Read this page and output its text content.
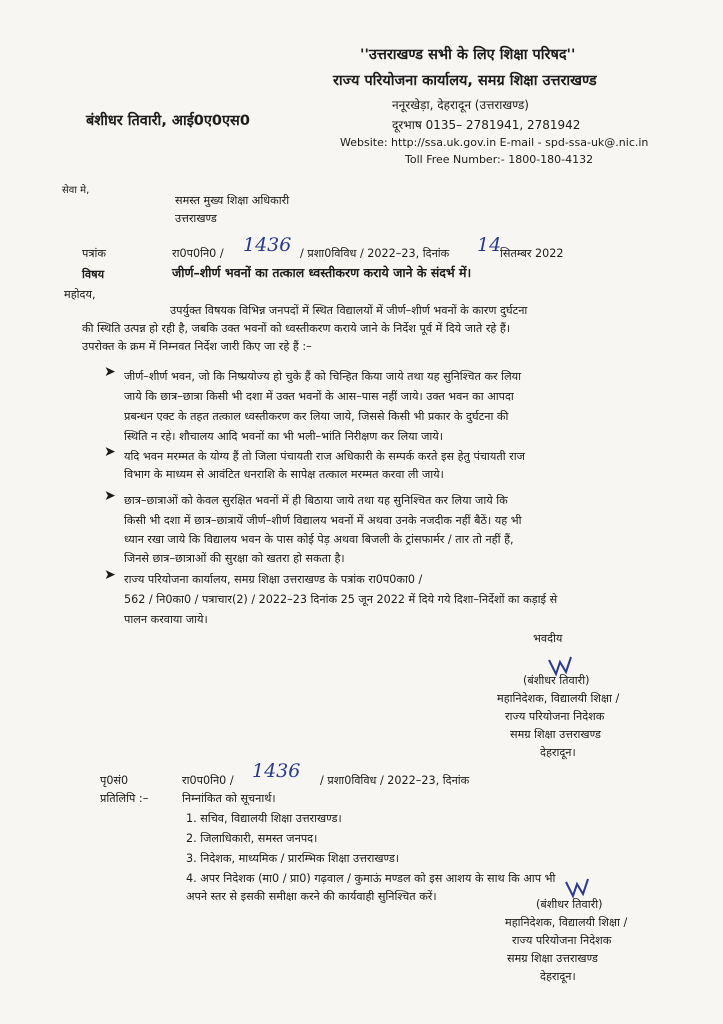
''उत्तराखण्ड सभी के लिए शिक्षा परिषद''
राज्य परियोजना कार्यालय, समग्र शिक्षा उत्तराखण्ड
ननूरखेड़ा, देहरादून (उत्तराखण्ड)
दूरभाष 0135– 2781941, 2781942
Website: http://ssa.uk.gov.in E-mail - spd-ssa-uk@.nic.in
Toll Free Number:- 1800-180-4132
बंशीधर तिवारी, आई0ए0एस0
सेवा मे,
समस्त मुख्य शिक्षा अधिकारी
उत्तराखण्ड
पत्रांक	रा0प0नि0 / 1436 / प्रशा0विविध / 2022–23, दिनांक 14
सितम्बर 2022
विषय	जीर्ण–शीर्ण भवनों का तत्काल ध्वस्तीकरण कराये जाने के संदर्भ में।
महोदय,
उपर्युक्त विषयक विभिन्न जनपदों में स्थित विद्यालयों में जीर्ण–शीर्ण भवनों के कारण दुर्घटना
की स्थिति उत्पन्न हो रही है, जबकि उक्त भवनों को ध्वस्तीकरण कराये जाने के निर्देश पूर्व में दिये जाते रहे हैं।
उपरोक्त के क्रम में निम्नवत निर्देश जारी किए जा रहे हैं :–
➤ जीर्ण–शीर्ण भवन, जो कि निष्प्रयोज्य हो चुके हैं को चिन्हित किया जाये तथा यह सुनिश्चित कर लिया
जाये कि छात्र–छात्रा किसी भी दशा में उक्त भवनों के आस–पास नहीं जाये। उक्त भवन का आपदा
प्रबन्धन एक्ट के तहत तत्काल ध्वस्तीकरण कर लिया जाये, जिससे किसी भी प्रकार के दुर्घटना की
स्थिति न रहे। शौचालय आदि भवनों का भी भली–भांति निरीक्षण कर लिया जाये।
➤ यदि भवन मरम्मत के योग्य हैं तो जिला पंचायती राज अधिकारी के सम्पर्क करते इस हेतु पंचायती राज
विभाग के माध्यम से आवंटित धनराशि के सापेक्ष तत्काल मरम्मत करवा ली जाये।
➤ छात्र–छात्राओं को केवल सुरक्षित भवनों में ही बिठाया जाये तथा यह सुनिश्चित कर लिया जाये कि
किसी भी दशा में छात्र–छात्रायें जीर्ण–शीर्ण विद्यालय भवनों में अथवा उनके नजदीक नहीं बैठें। यह भी
ध्यान रखा जाये कि विद्यालय भवन के पास कोई पेड़ अथवा बिजली के ट्रांसफार्मर / तार तो नहीं हैं,
जिनसे छात्र–छात्राओं की सुरक्षा को खतरा हो सकता है।
➤ राज्य परियोजना कार्यालय, समग्र शिक्षा उत्तराखण्ड के पत्रांक रा0प0का0 /
562 / नि0का0 / पत्राचार(2) / 2022–23 दिनांक 25 जून 2022 में दिये गये दिशा–निर्देशों का कड़ाई से
पालन करवाया जाये।
भवदीय
(बंशीधर तिवारी)
महानिदेशक, विद्यालयी शिक्षा /
राज्य परियोजना निदेशक
समग्र शिक्षा उत्तराखण्ड
देहरादून।
पृ0सं0
प्रतिलिपि :–
रा0प0नि0 / 1436 / प्रशा0विविध / 2022–23, दिनांक
निम्नांकित को सूचनार्थ।
1. सचिव, विद्यालयी शिक्षा उत्तराखण्ड।
2. जिलाधिकारी, समस्त जनपद।
3. निदेशक, माध्यमिक / प्रारम्भिक शिक्षा उत्तराखण्ड।
4. अपर निदेशक (मा0 / प्रा0) गढ़वाल / कुमाऊं मण्डल को इस आशय के साथ कि आप भी
अपने स्तर से इसकी समीक्षा करने की कार्यवाही सुनिश्चित करें।
(बंशीधर तिवारी)
महानिदेशक, विद्यालयी शिक्षा /
राज्य परियोजना निदेशक
समग्र शिक्षा उत्तराखण्ड
देहरादून।
